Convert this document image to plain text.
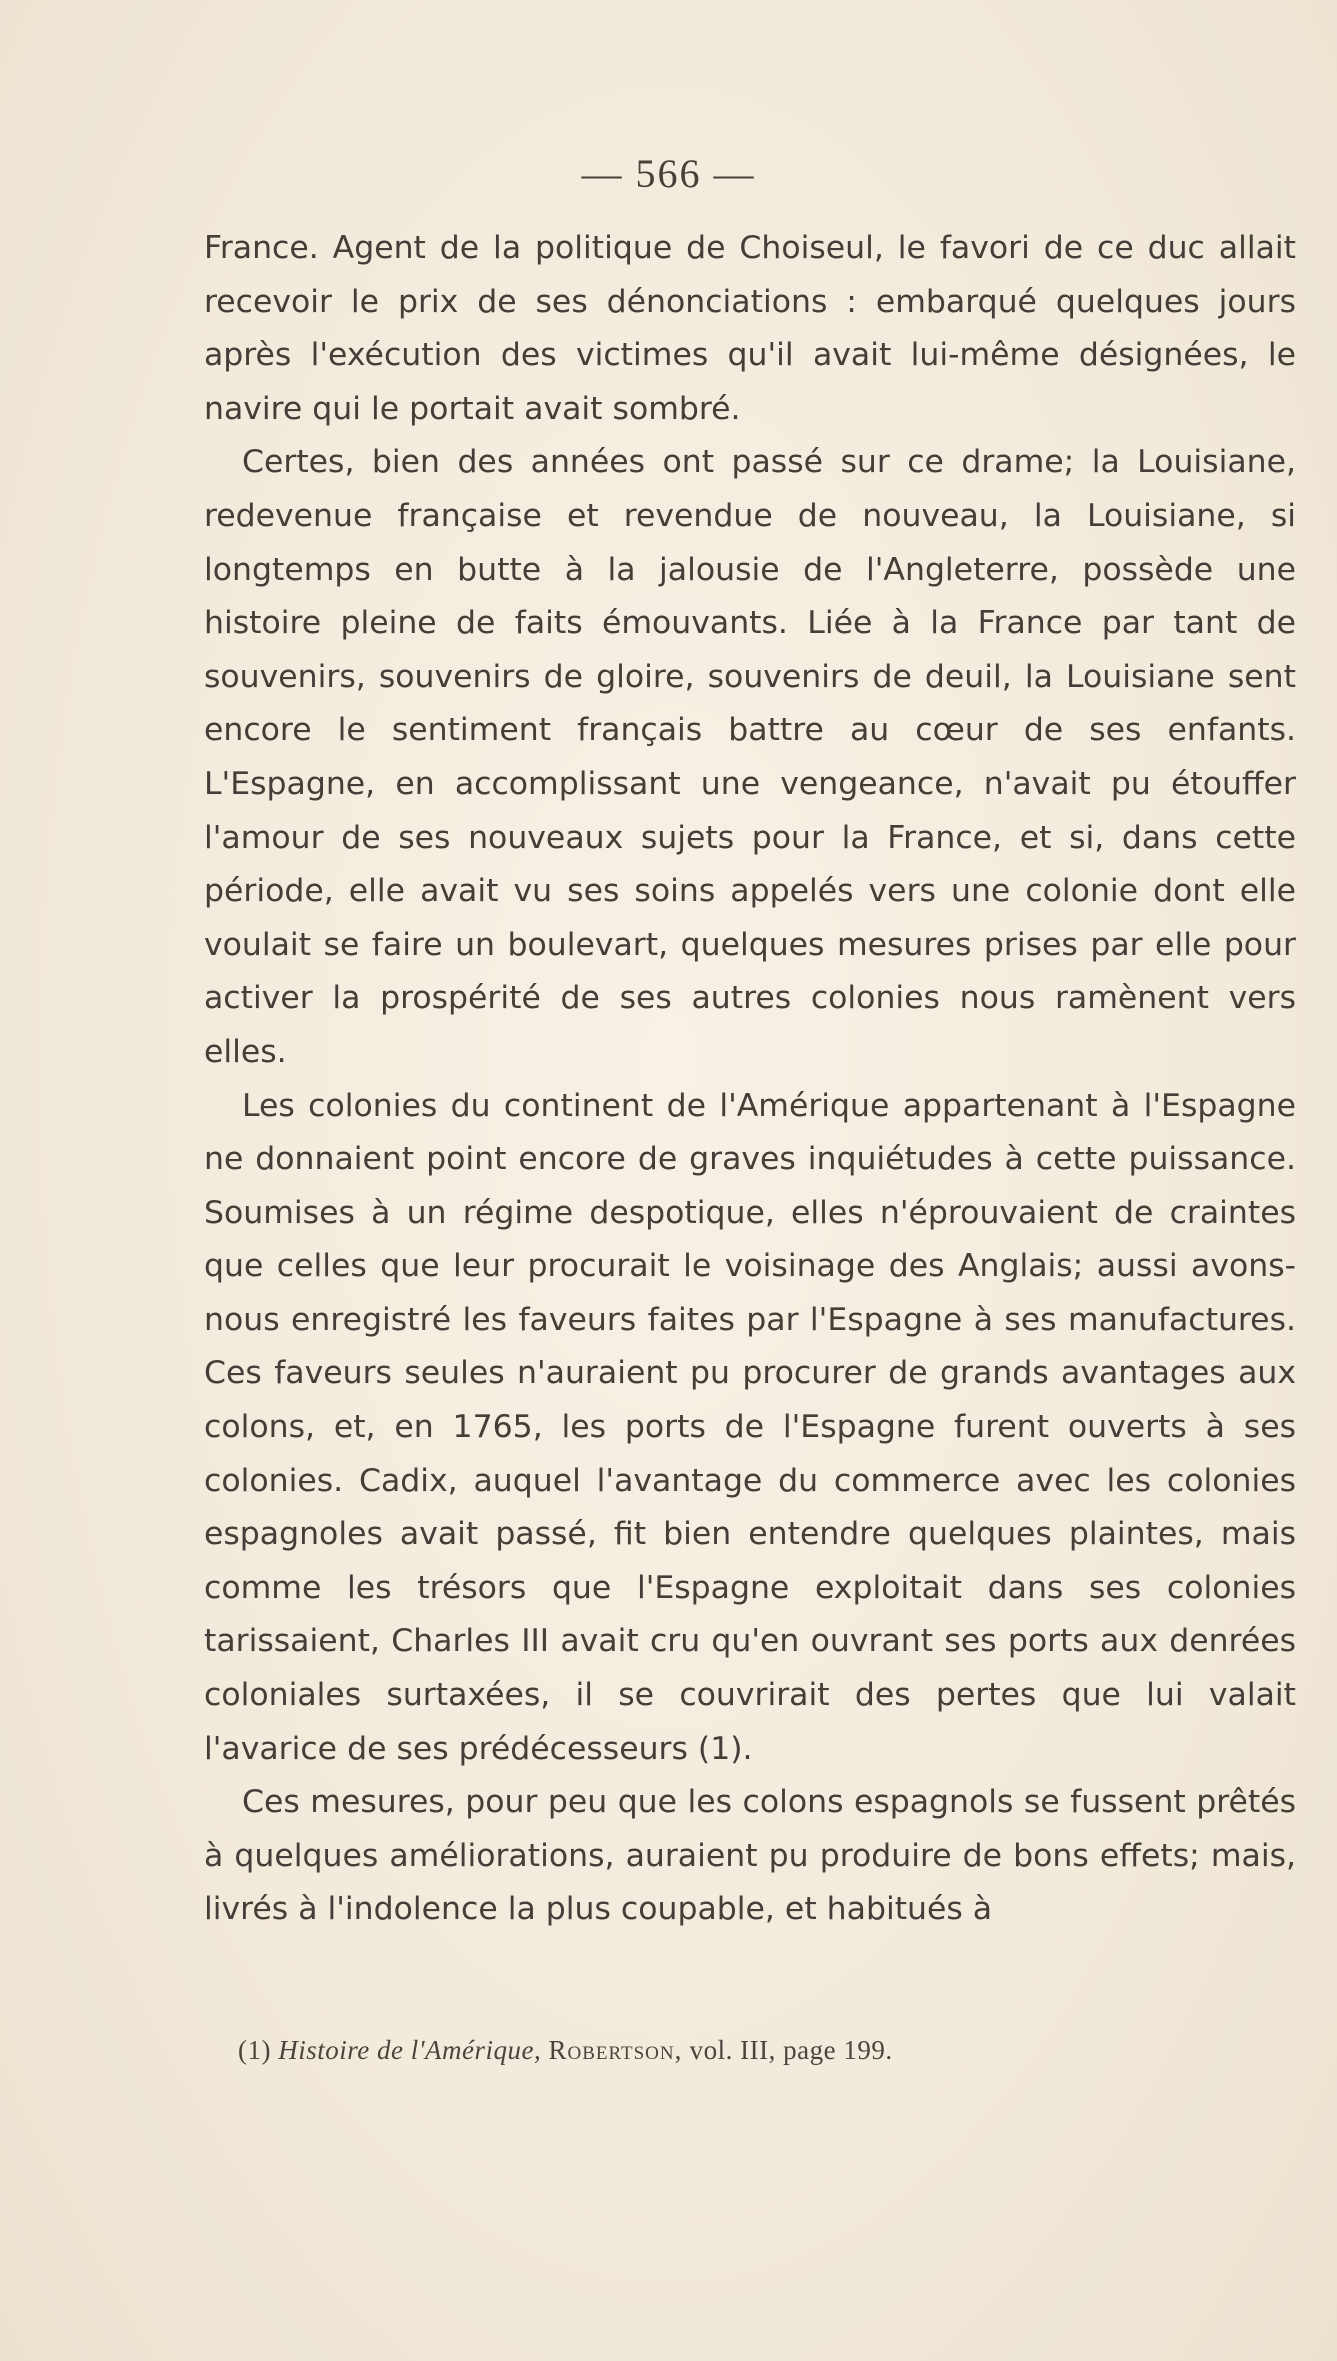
— 566 —

France. Agent de la politique de Choiseul, le favori de ce duc allait recevoir le prix de ses dénonciations : embarqué quelques jours après l'exécution des victimes qu'il avait lui-même désignées, le navire qui le portait avait sombré.

Certes, bien des années ont passé sur ce drame; la Louisiane, redevenue française et revendue de nouveau, la Louisiane, si longtemps en butte à la jalousie de l'Angleterre, possède une histoire pleine de faits émouvants. Liée à la France par tant de souvenirs, souvenirs de gloire, souvenirs de deuil, la Louisiane sent encore le sentiment français battre au cœur de ses enfants. L'Espagne, en accomplissant une vengeance, n'avait pu étouffer l'amour de ses nouveaux sujets pour la France, et si, dans cette période, elle avait vu ses soins appelés vers une colonie dont elle voulait se faire un boulevart, quelques mesures prises par elle pour activer la prospérité de ses autres colonies nous ramènent vers elles.

Les colonies du continent de l'Amérique appartenant à l'Espagne ne donnaient point encore de graves inquiétudes à cette puissance. Soumises à un régime despotique, elles n'éprouvaient de craintes que celles que leur procurait le voisinage des Anglais; aussi avons-nous enregistré les faveurs faites par l'Espagne à ses manufactures. Ces faveurs seules n'auraient pu procurer de grands avantages aux colons, et, en 1765, les ports de l'Espagne furent ouverts à ses colonies. Cadix, auquel l'avantage du commerce avec les colonies espagnoles avait passé, fit bien entendre quelques plaintes, mais comme les trésors que l'Espagne exploitait dans ses colonies tarissaient, Charles III avait cru qu'en ouvrant ses ports aux denrées coloniales surtaxées, il se couvrirait des pertes que lui valait l'avarice de ses prédécesseurs (1).

Ces mesures, pour peu que les colons espagnols se fussent prêtés à quelques améliorations, auraient pu produire de bons effets; mais, livrés à l'indolence la plus coupable, et habitués à

(1) Histoire de l'Amérique, Robertson, vol. III, page 199.
